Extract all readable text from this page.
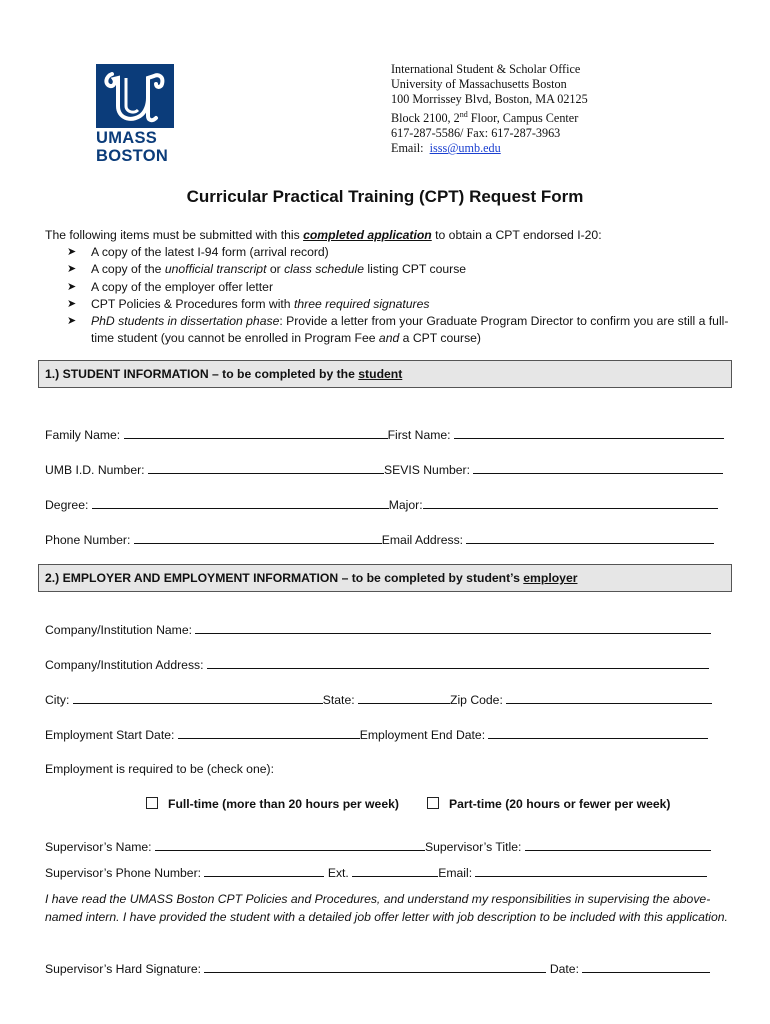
UMASS
BOSTON
International Student & Scholar Office
University of Massachusetts Boston
100 Morrissey Blvd, Boston, MA 02125
Block 2100, 2nd Floor, Campus Center
617-287-5586/ Fax: 617-287-3963
Email: isss@umb.edu
Curricular Practical Training (CPT) Request Form
The following items must be submitted with this completed application to obtain a CPT endorsed I-20:
➤ A copy of the latest I-94 form (arrival record)
➤ A copy of the unofficial transcript or class schedule listing CPT course
➤ A copy of the employer offer letter
➤ CPT Policies & Procedures form with three required signatures
➤ PhD students in dissertation phase: Provide a letter from your Graduate Program Director to confirm you are still a full-time student (you cannot be enrolled in Program Fee and a CPT course)
1.) STUDENT INFORMATION – to be completed by the student
Family Name:	First Name:
UMB I.D. Number:	SEVIS Number:
Degree:	Major:
Phone Number:	Email Address:
2.) EMPLOYER AND EMPLOYMENT INFORMATION – to be completed by student’s employer
Company/Institution Name:
Company/Institution Address:
City:	State:	Zip Code:
Employment Start Date:	Employment End Date:
Employment is required to be (check one):
Full-time (more than 20 hours per week)	Part-time (20 hours or fewer per week)
Supervisor’s Name:	Supervisor’s Title:
Supervisor’s Phone Number:	Ext.	Email:
I have read the UMASS Boston CPT Policies and Procedures, and understand my responsibilities in supervising the above-named intern. I have provided the student with a detailed job offer letter with job description to be included with this application.
Supervisor’s Hard Signature:	Date:
